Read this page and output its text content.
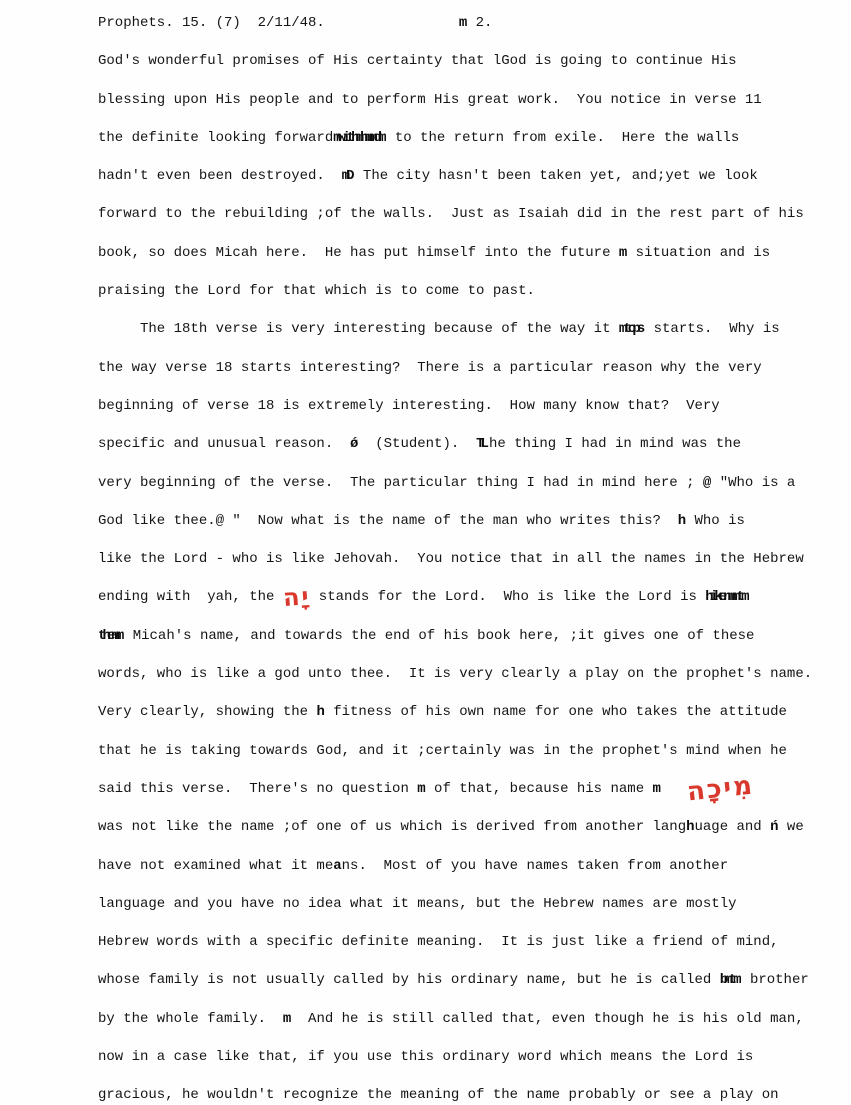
Prophets. 15. (7)  2/11/48.	m 2.
God's wonderful promises of His certainty that lGod is going to continue His
blessing upon His people and to perform His great work.  You notice in verse 11
the definite looking forwardmwithmhmmdm to the return from exile.  Here the walls
hadn't even been destroyed.  mD The city hasn't been taken yet, and;yet we look
forward to the rebuilding ;of the walls.  Just as Isaiah did in the rest part of his
book, so does Micah here.  He has put himself into the future m situation and is
praising the Lord for that which is to come to past.
The 18th verse is very interesting because of the way it mtops starts.  Why is
the way verse 18 starts interesting?  There is a particular reason why the very
beginning of verse 18 is extremely interesting.  How many know that?  Very
specific and unusual reason.  ǿ  (Student).  TL he thing I had in mind was the
very beginning of the verse.  The particular thing I had in mind here ; @ "Who is a
God like thee.@ "  Now what is the name of the man who writes this?  h Who is
like the Lord - who is like Jehovah.  You notice that in all the names in the Hebrew
ending with  yah, the יָה stands for the Lord.  Who is like the Lord is hikenmmtm
themm Micah's name, and towards the end of his book here, ;it gives one of these
words, who is like a god unto thee.  It is very clearly a play on the prophet's name.
Very clearly, showing the h fitness of his own name for one who takes the attitude
that he is taking towards God, and it ;certainly was in the prophet's mind when he
said this verse.  There's no question m of that, because his name m מִיכָה
was not like the name ;of one of us which is derived from another langh uage and ń we
have not examined what it mea ns.  Most of you have names taken from another
language and you have no idea what it means, but the Hebrew names are mostly
Hebrew words with a specific definite meaning.  It is just like a friend of mind,
whose family is not usually called by his ordinary name, but he is called bmtm brother
by the whole family.  m  And he is still called that, even though he is his old man,
now in a case like that, if you use this ordinary word which means the Lord is
gracious, he wouldn't recognize the meaning of the name probably or see a play on
